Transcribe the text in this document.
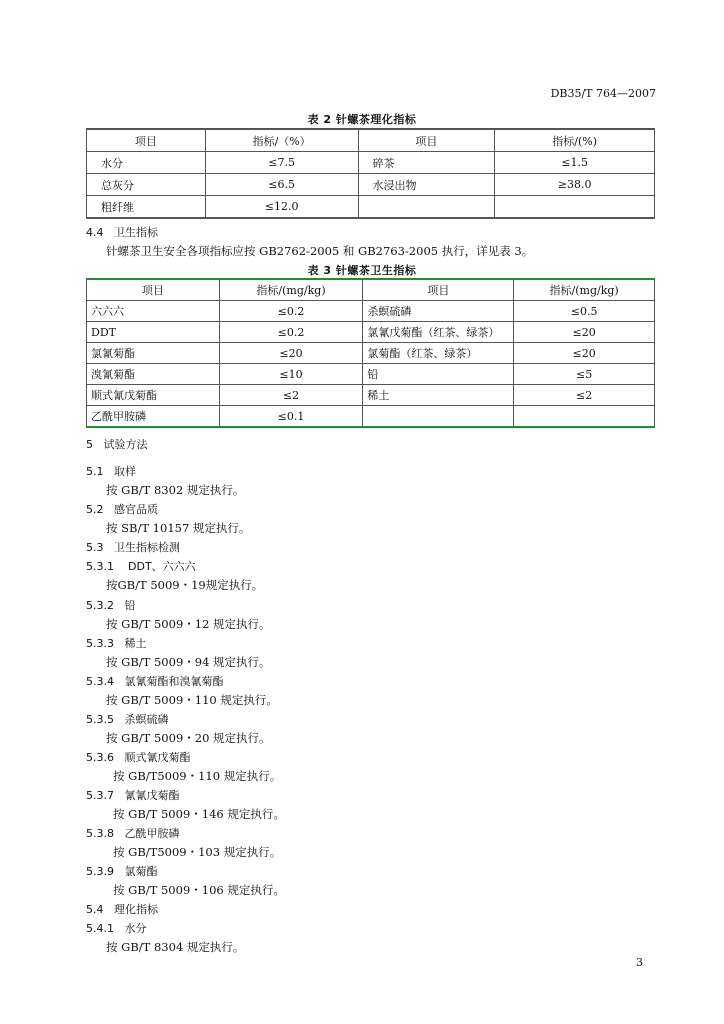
DB35/T 764—2007
表 2 针螺茶理化指标
项目	指标/（%）	项目	指标/(%)
水分	≤7.5	碎茶	≤1.5
总灰分	≤6.5	水浸出物	≥38.0
粗纤维	≤12.0		
4.4 卫生指标
针螺茶卫生安全各项指标应按 GB2762-2005 和 GB2763-2005 执行，详见表 3。
表 3 针螺茶卫生指标
项目	指标/(mg/kg)	项目	指标/(mg/kg)
六六六	≤0.2	杀螟硫磷	≤0.5
DDT	≤0.2	氯氰戊菊酯（红茶、绿茶）	≤20
氯氰菊酯	≤20	氯菊酯（红茶、绿茶）	≤20
溴氰菊酯	≤10	铅	≤5
顺式氰戊菊酯	≤2	稀土	≤2
乙酰甲胺磷	≤0.1		
5 试验方法
5.1 取样
按 GB/T 8302 规定执行。
5.2 感官品质
按 SB/T 10157 规定执行。
5.3 卫生指标检测
5.3.1 DDT、六六六
按GB/T 5009・19规定执行。
5.3.2 铅
按 GB/T 5009・12 规定执行。
5.3.3 稀土
按 GB/T 5009・94 规定执行。
5.3.4 氯氰菊酯和溴氰菊酯
按 GB/T 5009・110 规定执行。
5.3.5 杀螟硫磷
按 GB/T 5009・20 规定执行。
5.3.6 顺式氰戊菊酯
按 GB/T5009・110 规定执行。
5.3.7 氰氰戊菊酯
按 GB/T 5009・146 规定执行。
5.3.8 乙酰甲胺磷
按 GB/T5009・103 规定执行。
5.3.9 氯菊酯
按 GB/T 5009・106 规定执行。
5.4 理化指标
5.4.1 水分
按 GB/T 8304 规定执行。
3
